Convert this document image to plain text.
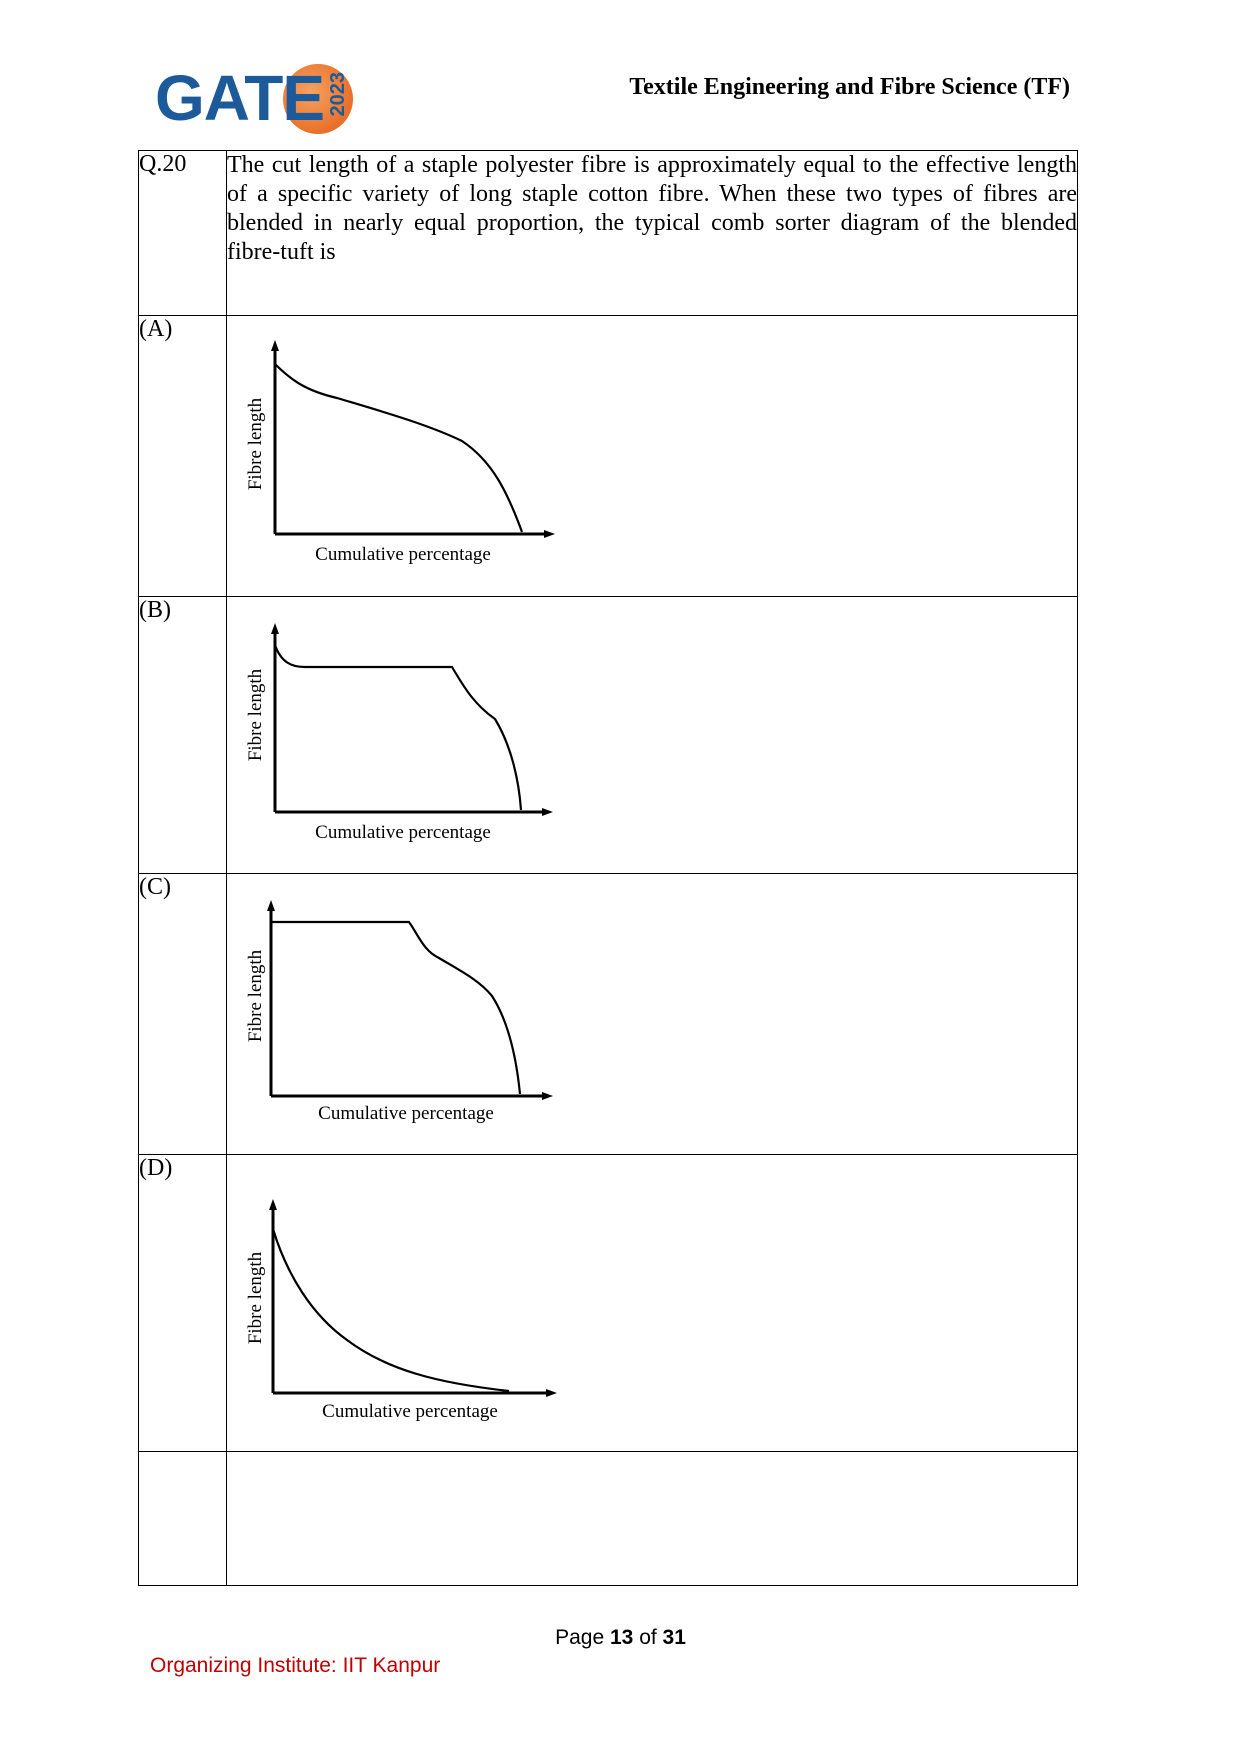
GATE 2023	Textile Engineering and Fibre Science (TF)
Q.20	The cut length of a staple polyester fibre is approximately equal to the effective length of a specific variety of long staple cotton fibre. When these two types of fibres are blended in nearly equal proportion, the typical comb sorter diagram of the blended fibre-tuft is
(A)	Fibre length
Cumulative percentage

(B)	Fibre length
Cumulative percentage

(C)	Fibre length
Cumulative percentage

(D)	Fibre length
Cumulative percentage

Page 13 of 31
Organizing Institute: IIT Kanpur
